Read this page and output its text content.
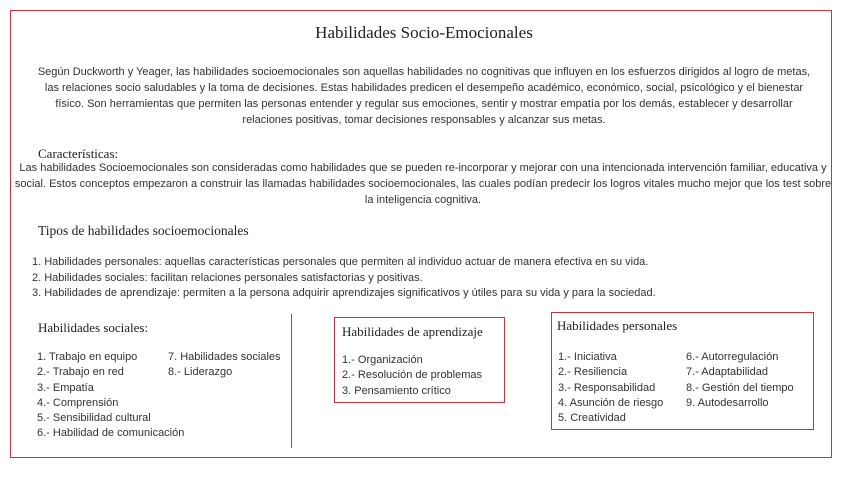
Habilidades Socio-Emocionales
Según Duckworth y Yeager, las habilidades socioemocionales son aquellas habilidades no cognitivas que influyen en los esfuerzos dirigidos al logro de metas, las relaciones socio saludables y la toma de decisiones. Estas habilidades predicen el desempeño académico, económico, social, psicológico y el bienestar físico. Son herramientas que permiten las personas entender y regular sus emociones, sentir y mostrar empatía por los demás, establecer y desarrollar relaciones positivas, tomar decisiones responsables y alcanzar sus metas.
Características:
Las habilidades Socioemocionales son consideradas como habilidades que se pueden re-incorporar y mejorar con una intencionada intervención familiar, educativa y social. Estos conceptos empezaron a construir las llamadas habilidades socioemocionales, las cuales podían predecir los logros vitales mucho mejor que los test sobre la inteligencia cognitiva.
Tipos de habilidades socioemocionales
1. Habilidades personales: aquellas características personales que permiten al individuo actuar de manera efectiva en su vida.
2. Habilidades sociales: facilitan relaciones personales satisfactorias y positivas.
3. Habilidades de aprendizaje: permiten a la persona adquirir aprendizajes significativos y útiles para su vida y para la sociedad.
Habilidades sociales:
1. Trabajo en equipo
2.- Trabajo en red
3.- Empatía
4.- Comprensión
5.- Sensibilidad cultural
6.- Habilidad de comunicación
7. Habilidades sociales
8.- Liderazgo
Habilidades de aprendizaje
1.- Organización
2.- Resolución de problemas
3. Pensamiento crítico
Habilidades personales
1.- Iniciativa
2.- Resiliencia
3.- Responsabilidad
4. Asunción de riesgo
5. Creatividad
6.- Autorregulación
7.- Adaptabilidad
8.- Gestión del tiempo
9. Autodesarrollo
